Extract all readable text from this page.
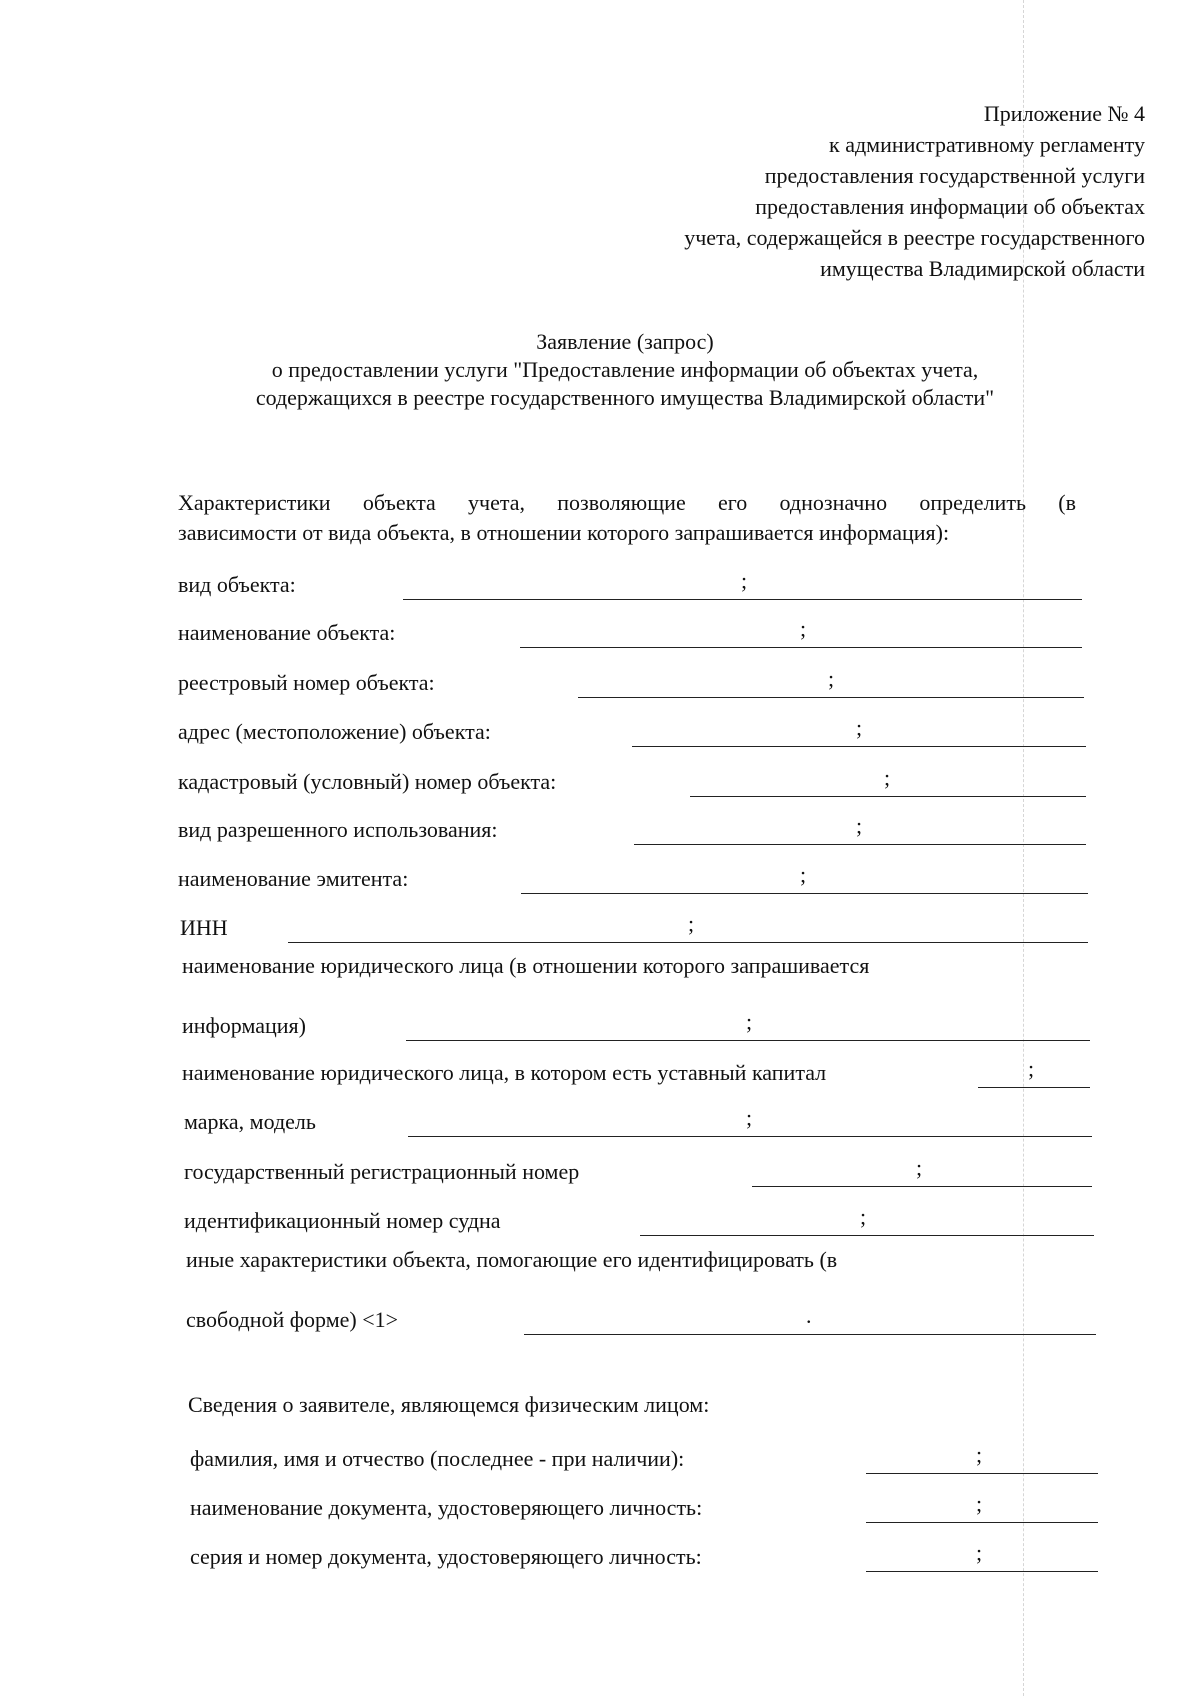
Приложение № 4
к административному регламенту
предоставления государственной услуги
предоставления информации об объектах
учета, содержащейся в реестре государственного
имущества Владимирской области
Заявление (запрос)
о предоставлении услуги "Предоставление информации об объектах учета,
содержащихся в реестре государственного имущества Владимирской области"
Характеристики объекта учета, позволяющие его однозначно определить (в
зависимости от вида объекта, в отношении которого запрашивается информация):
вид объекта:	;
наименование объекта:	;
реестровый номер объекта:	;
адрес (местоположение) объекта:	;
кадастровый (условный) номер объекта:	;
вид разрешенного использования:	;
наименование эмитента:	;
ИНН	;
наименование юридического лица (в отношении которого запрашивается
информация)	;
наименование юридического лица, в котором есть уставный капитал	;
марка, модель	;
государственный регистрационный номер	;
идентификационный номер судна	;
иные характеристики объекта, помогающие его идентифицировать (в
свободной форме) <1>	.
Сведения о заявителе, являющемся физическим лицом:
фамилия, имя и отчество (последнее - при наличии):	;
наименование документа, удостоверяющего личность:	;
серия и номер документа, удостоверяющего личность:	;
